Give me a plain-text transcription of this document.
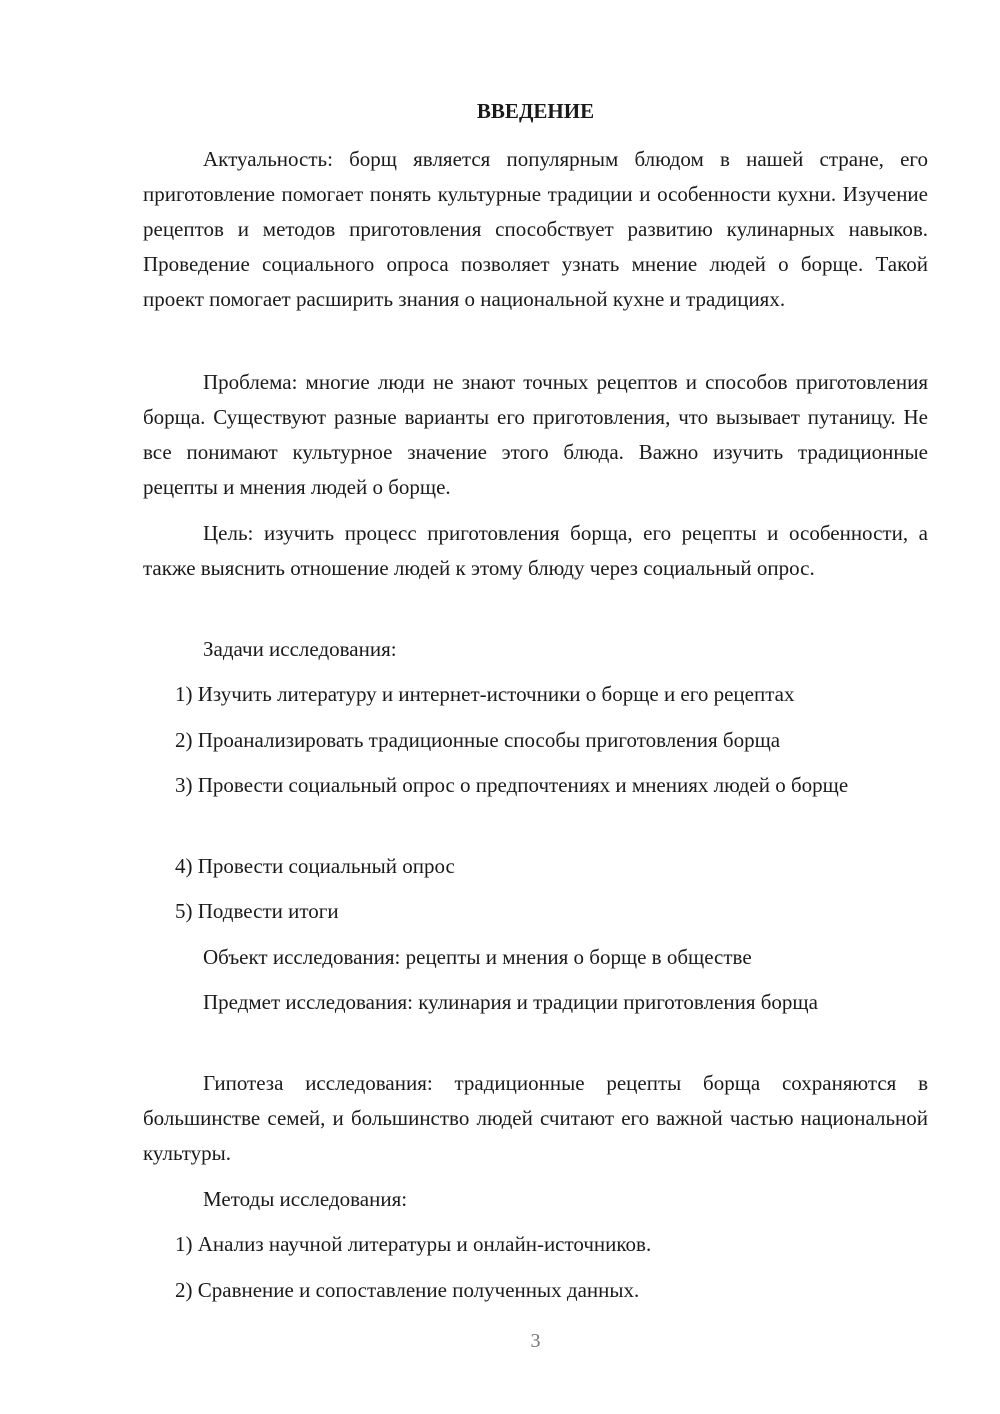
ВВЕДЕНИЕ

Актуальность: борщ является популярным блюдом в нашей стране, его приготовление помогает понять культурные традиции и особенности кухни. Изучение рецептов и методов приготовления способствует развитию кулинарных навыков. Проведение социального опроса позволяет узнать мнение людей о борще. Такой проект помогает расширить знания о национальной кухне и традициях.

Проблема: многие люди не знают точных рецептов и способов приготовления борща. Существуют разные варианты его приготовления, что вызывает путаницу. Не все понимают культурное значение этого блюда. Важно изучить традиционные рецепты и мнения людей о борще.

Цель: изучить процесс приготовления борща, его рецепты и особенности, а также выяснить отношение людей к этому блюду через социальный опрос.

Задачи исследования:

1) Изучить литературу и интернет-источники о борще и его рецептах

2) Проанализировать традиционные способы приготовления борща

3) Провести социальный опрос о предпочтениях и мнениях людей о борще

4) Провести социальный опрос

5) Подвести итоги

Объект исследования: рецепты и мнения о борще в обществе

Предмет исследования: кулинария и традиции приготовления борща

Гипотеза исследования: традиционные рецепты борща сохраняются в большинстве семей, и большинство людей считают его важной частью национальной культуры.

Методы исследования:

1) Анализ научной литературы и онлайн-источников.

2) Сравнение и сопоставление полученных данных.

3
